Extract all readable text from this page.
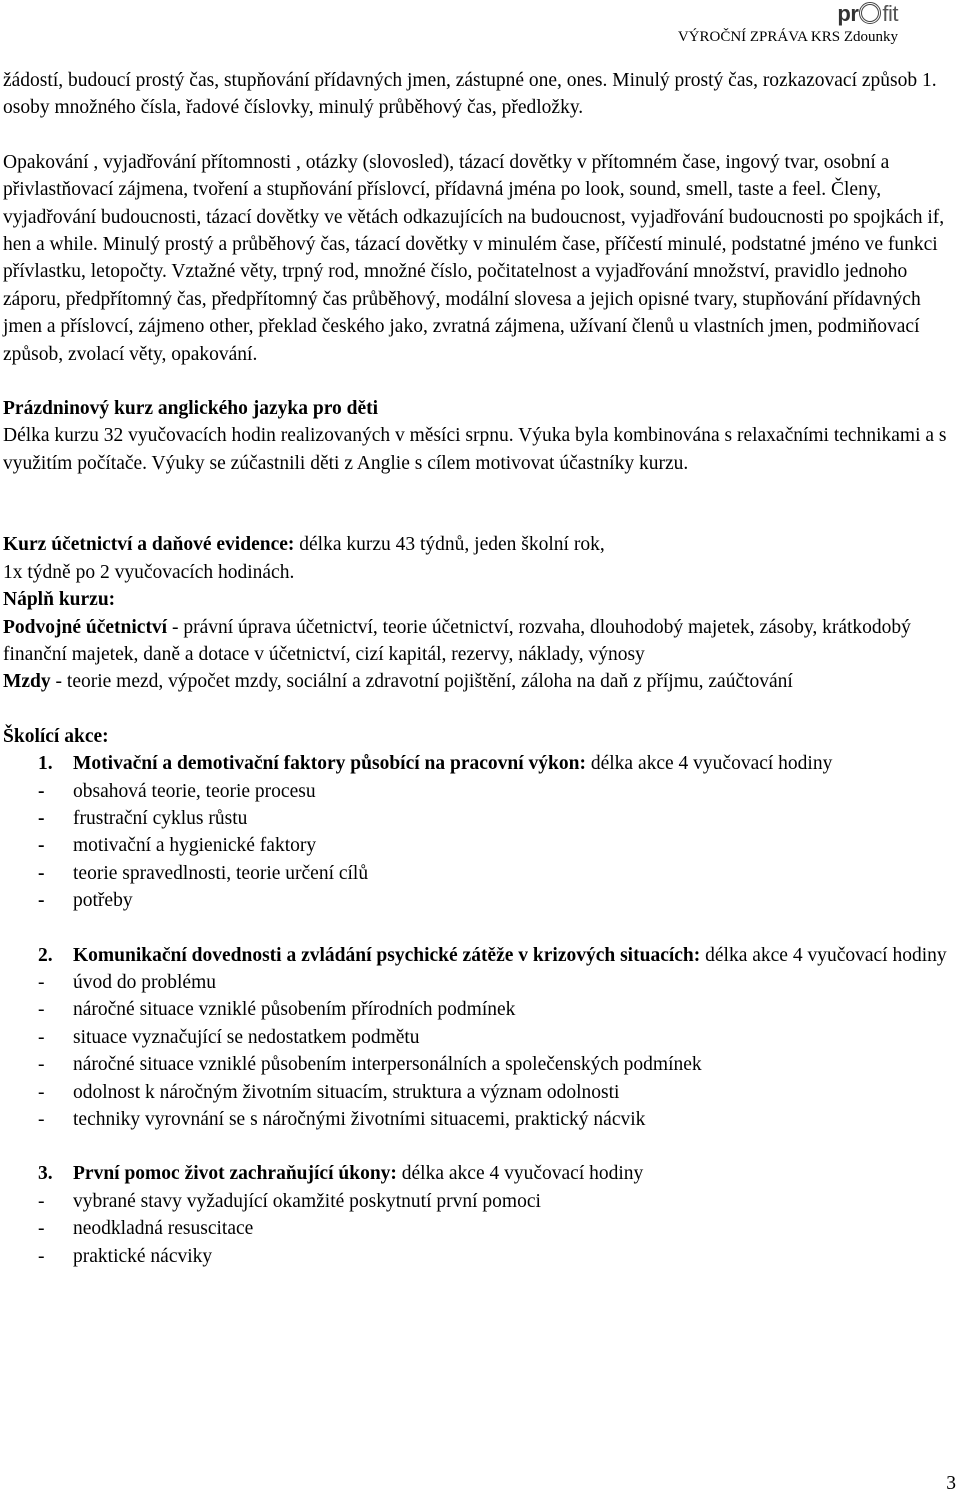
pr fit
VÝROČNÍ ZPRÁVA KRS Zdounky

žádostí, budoucí prostý čas, stupňování přídavných jmen, zástupné one, ones. Minulý prostý čas, rozkazovací způsob 1. osoby množného čísla, řadové číslovky, minulý průběhový čas, předložky.

Opakování , vyjadřování přítomnosti , otázky (slovosled), tázací dovětky v přítomném čase, ingový tvar, osobní a přivlastňovací zájmena, tvoření a stupňování příslovcí, přídavná jména po look, sound, smell, taste a feel. Členy, vyjadřování budoucnosti, tázací dovětky ve větách odkazujících na budoucnost, vyjadřování budoucnosti po spojkách if, hen a while. Minulý prostý a průběhový čas, tázací dovětky v minulém čase, příčestí minulé, podstatné jméno ve funkci přívlastku, letopočty. Vztažné věty, trpný rod, množné číslo, počitatelnost a vyjadřování množství, pravidlo jednoho záporu, předpřítomný čas, předpřítomný čas průběhový, modální slovesa a jejich opisné tvary, stupňování přídavných jmen a příslovcí, zájmeno other, překlad českého jako, zvratná zájmena, užívaní členů u vlastních jmen, podmiňovací způsob, zvolací věty, opakování.

Prázdninový kurz anglického jazyka pro děti

Délka kurzu 32 vyučovacích hodin realizovaných v měsíci srpnu. Výuka byla kombinována s relaxačními technikami a s využitím počítače. Výuky se zúčastnili děti z Anglie s cílem motivovat účastníky kurzu.

Kurz účetnictví a daňové evidence: délka kurzu 43 týdnů, jeden školní rok,

1x týdně po 2 vyučovacích hodinách.

Náplň kurzu:

Podvojné účetnictví - právní úprava účetnictví, teorie účetnictví, rozvaha, dlouhodobý majetek, zásoby, krátkodobý finanční majetek, daně a dotace v účetnictví, cizí kapitál, rezervy, náklady, výnosy

Mzdy - teorie mezd, výpočet mzdy, sociální a zdravotní pojištění, záloha na daň z příjmu, zaúčtování

Školící akce:

1. Motivační a demotivační faktory působící na pracovní výkon: délka akce 4 vyučovací hodiny
- obsahová teorie, teorie procesu
- frustrační cyklus růstu
- motivační a hygienické faktory
- teorie spravedlnosti, teorie určení cílů
- potřeby
2. Komunikační dovednosti a zvládání psychické zátěže v krizových situacích: délka akce 4 vyučovací hodiny
- úvod do problému
- náročné situace vzniklé působením přírodních podmínek
- situace vyznačující se nedostatkem podmětu
- náročné situace vzniklé působením interpersonálních a společenských podmínek
- odolnost k náročným životním situacím, struktura a význam odolnosti
- techniky vyrovnání se s náročnými životními situacemi, praktický nácvik
3. První pomoc život zachraňující úkony: délka akce 4 vyučovací hodiny
- vybrané stavy vyžadující okamžité poskytnutí první pomoci
- neodkladná resuscitace
- praktické nácviky
3
